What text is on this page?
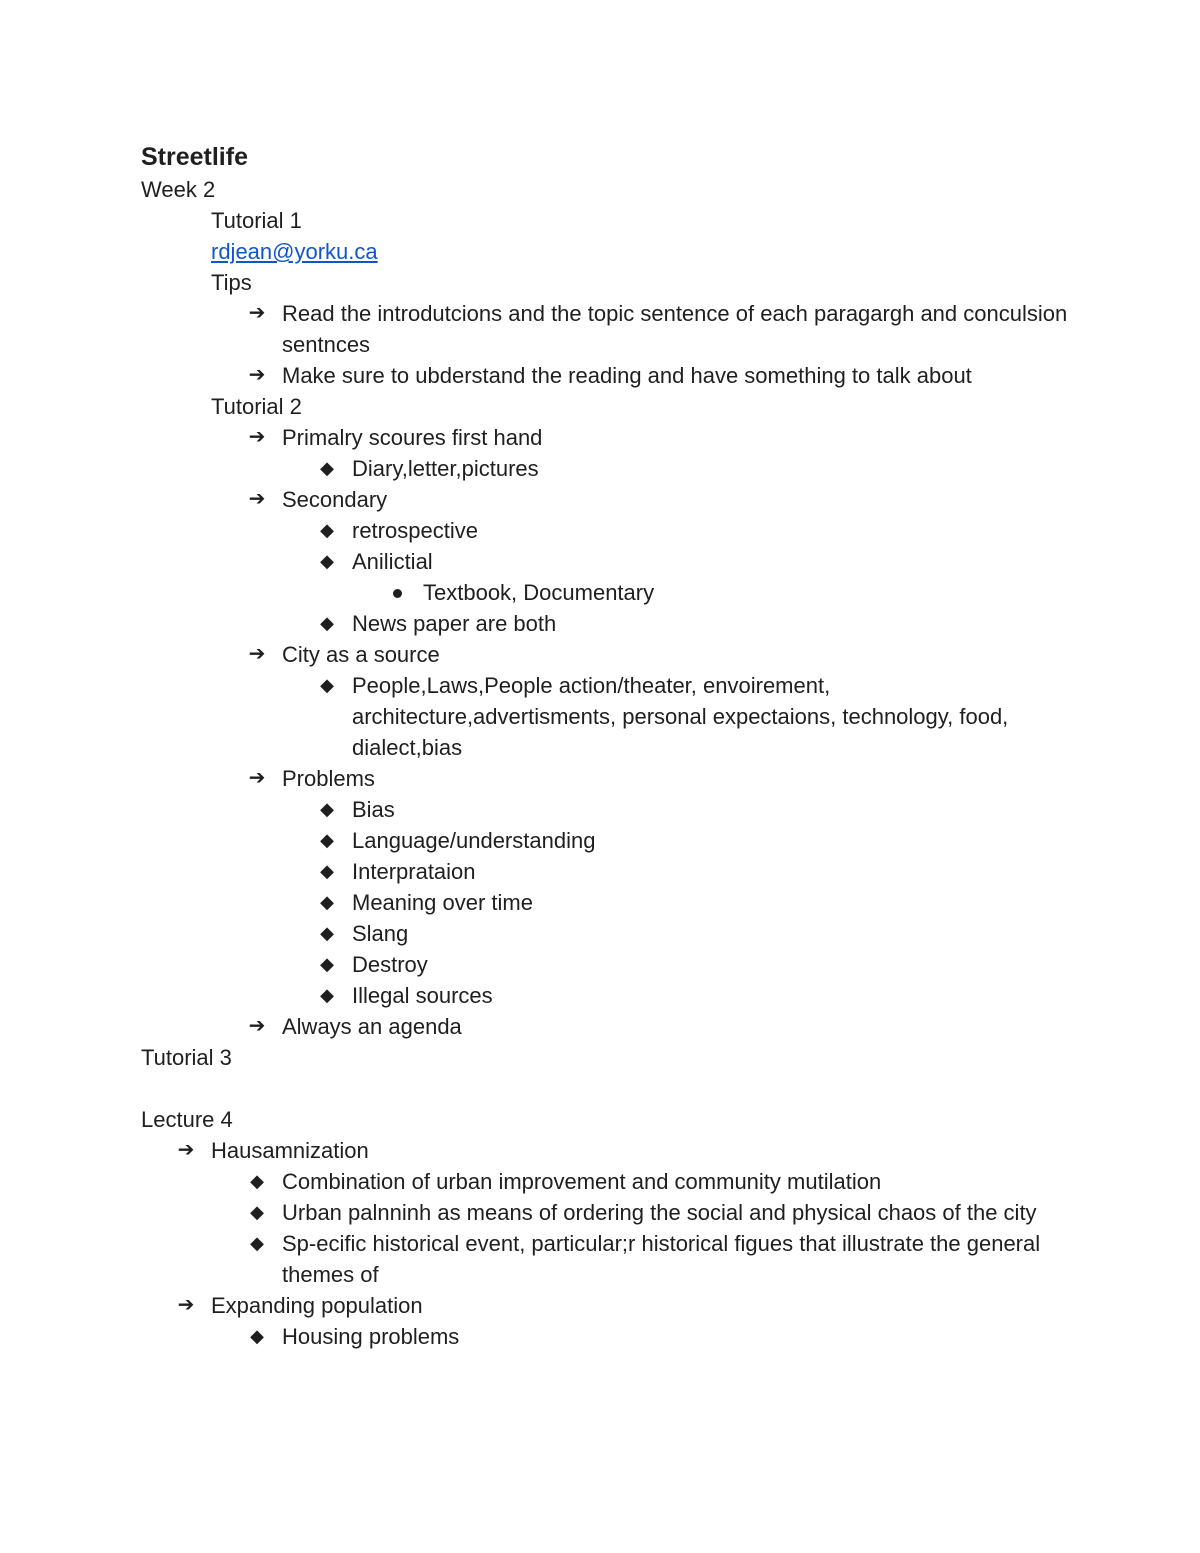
Streetlife
Week 2
Tutorial 1
rdjean@yorku.ca
Tips
➔ Read the introdutcions and the topic sentence of each paragargh and conculsion sentnces
➔ Make sure to ubderstand the reading and have something to talk about
Tutorial 2
➔ Primalry scoures first hand
◆ Diary,letter,pictures
➔ Secondary
◆ retrospective
◆ Anilictial
Textbook, Documentary
◆ News paper are both
➔ City as a source
◆ People,Laws,People action/theater, envoirement, architecture,advertisments, personal expectaions, technology, food, dialect,bias
➔ Problems
◆ Bias
◆ Language/understanding
◆ Interprataion
◆ Meaning over time
◆ Slang
◆ Destroy
◆ Illegal sources
➔ Always an agenda
Tutorial 3
Lecture 4
➔ Hausamnization
◆ Combination of urban improvement and community mutilation
◆ Urban palnninh as means of ordering the social and physical chaos of the city
◆ Sp-ecific historical event, particular;r historical figues that illustrate the general themes of
➔ Expanding population
◆ Housing problems
